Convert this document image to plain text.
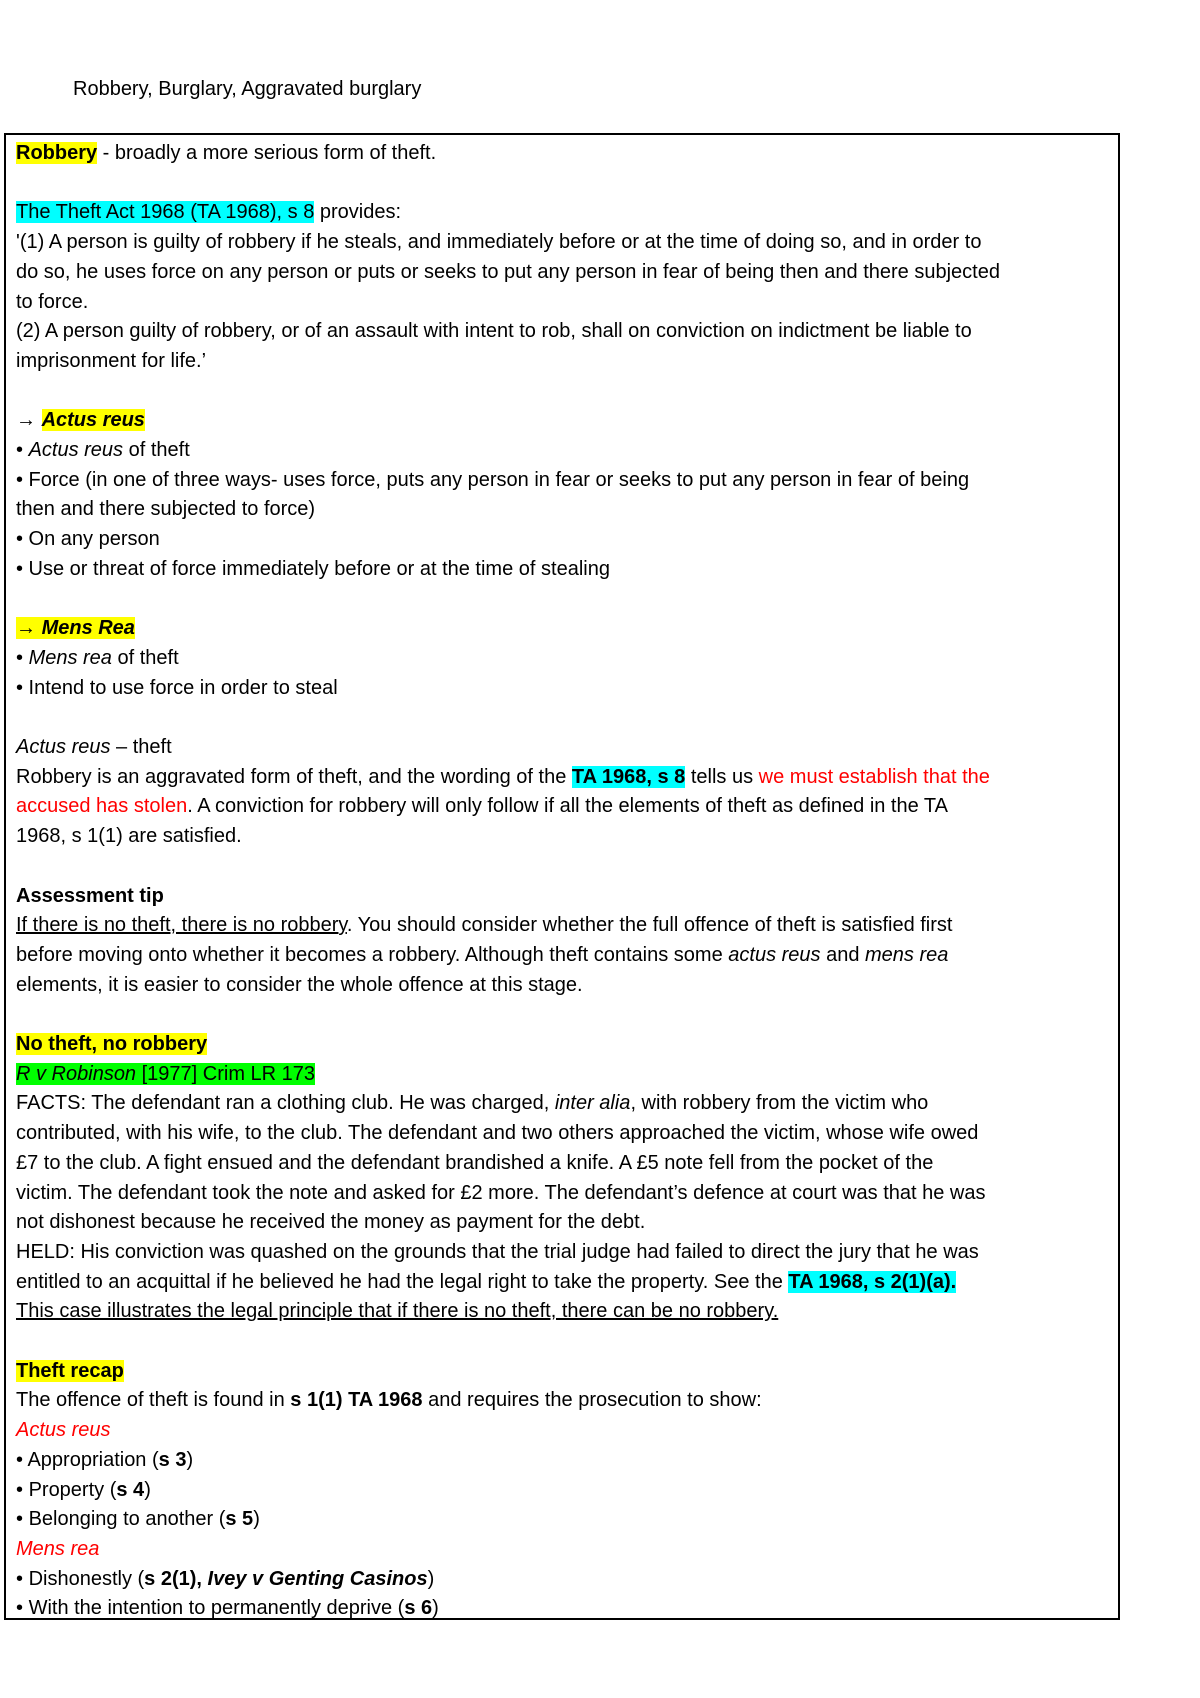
Robbery, Burglary, Aggravated burglary
Robbery - broadly a more serious form of theft.
The Theft Act 1968 (TA 1968), s 8 provides:
'(1) A person is guilty of robbery if he steals, and immediately before or at the time of doing so, and in order to
do so, he uses force on any person or puts or seeks to put any person in fear of being then and there subjected
to force.
(2) A person guilty of robbery, or of an assault with intent to rob, shall on conviction on indictment be liable to
imprisonment for life.’
→ Actus reus
• Actus reus of theft
• Force (in one of three ways- uses force, puts any person in fear or seeks to put any person in fear of being
then and there subjected to force)
• On any person
• Use or threat of force immediately before or at the time of stealing
→ Mens Rea
• Mens rea of theft
• Intend to use force in order to steal
Actus reus – theft
Robbery is an aggravated form of theft, and the wording of the TA 1968, s 8 tells us we must establish that the
accused has stolen. A conviction for robbery will only follow if all the elements of theft as defined in the TA
1968, s 1(1) are satisfied.
Assessment tip
If there is no theft, there is no robbery. You should consider whether the full offence of theft is satisfied first
before moving onto whether it becomes a robbery. Although theft contains some actus reus and mens rea
elements, it is easier to consider the whole offence at this stage.
No theft, no robbery
R v Robinson [1977] Crim LR 173
FACTS: The defendant ran a clothing club. He was charged, inter alia, with robbery from the victim who
contributed, with his wife, to the club. The defendant and two others approached the victim, whose wife owed
£7 to the club. A fight ensued and the defendant brandished a knife. A £5 note fell from the pocket of the
victim. The defendant took the note and asked for £2 more. The defendant’s defence at court was that he was
not dishonest because he received the money as payment for the debt.
HELD: His conviction was quashed on the grounds that the trial judge had failed to direct the jury that he was
entitled to an acquittal if he believed he had the legal right to take the property. See the TA 1968, s 2(1)(a).
This case illustrates the legal principle that if there is no theft, there can be no robbery.
Theft recap
The offence of theft is found in s 1(1) TA 1968 and requires the prosecution to show:
Actus reus
• Appropriation (s 3)
• Property (s 4)
• Belonging to another (s 5)
Mens rea
• Dishonestly (s 2(1), Ivey v Genting Casinos)
• With the intention to permanently deprive (s 6)
